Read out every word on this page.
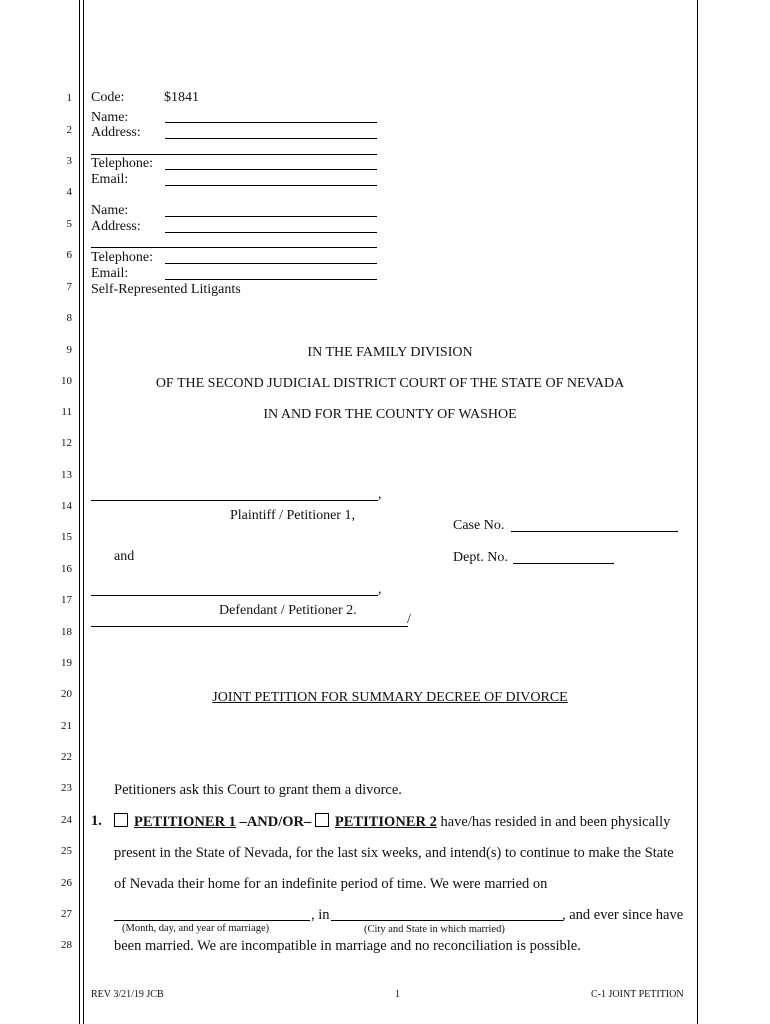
1
2
3
4
5
6
7
8
9
10
11
12
13
14
15
16
17
18
19
20
21
22
23
24
25
26
27
28
Code:	$1841
Name:
Address:
Telephone:
Email:
Name:
Address:
Telephone:
Email:
Self-Represented Litigants
IN THE FAMILY DIVISION
OF THE SECOND JUDICIAL DISTRICT COURT OF THE STATE OF NEVADA
IN AND FOR THE COUNTY OF WASHOE
,
Plaintiff / Petitioner 1,
and
,
Defendant / Petitioner 2.
/
Case No.
Dept. No.
JOINT PETITION FOR SUMMARY DECREE OF DIVORCE
Petitioners ask this Court to grant them a divorce.
1.	PETITIONER 1 –AND/OR– PETITIONER 2 have/has resided in and been physically
present in the State of Nevada, for the last six weeks, and intend(s) to continue to make the State
of Nevada their home for an indefinite period of time. We were married on
, in	, and ever since have
(Month, day, and year of marriage)	(City and State in which married)
been married. We are incompatible in marriage and no reconciliation is possible.
REV 3/21/19 JCB	1	C-1 JOINT PETITION
